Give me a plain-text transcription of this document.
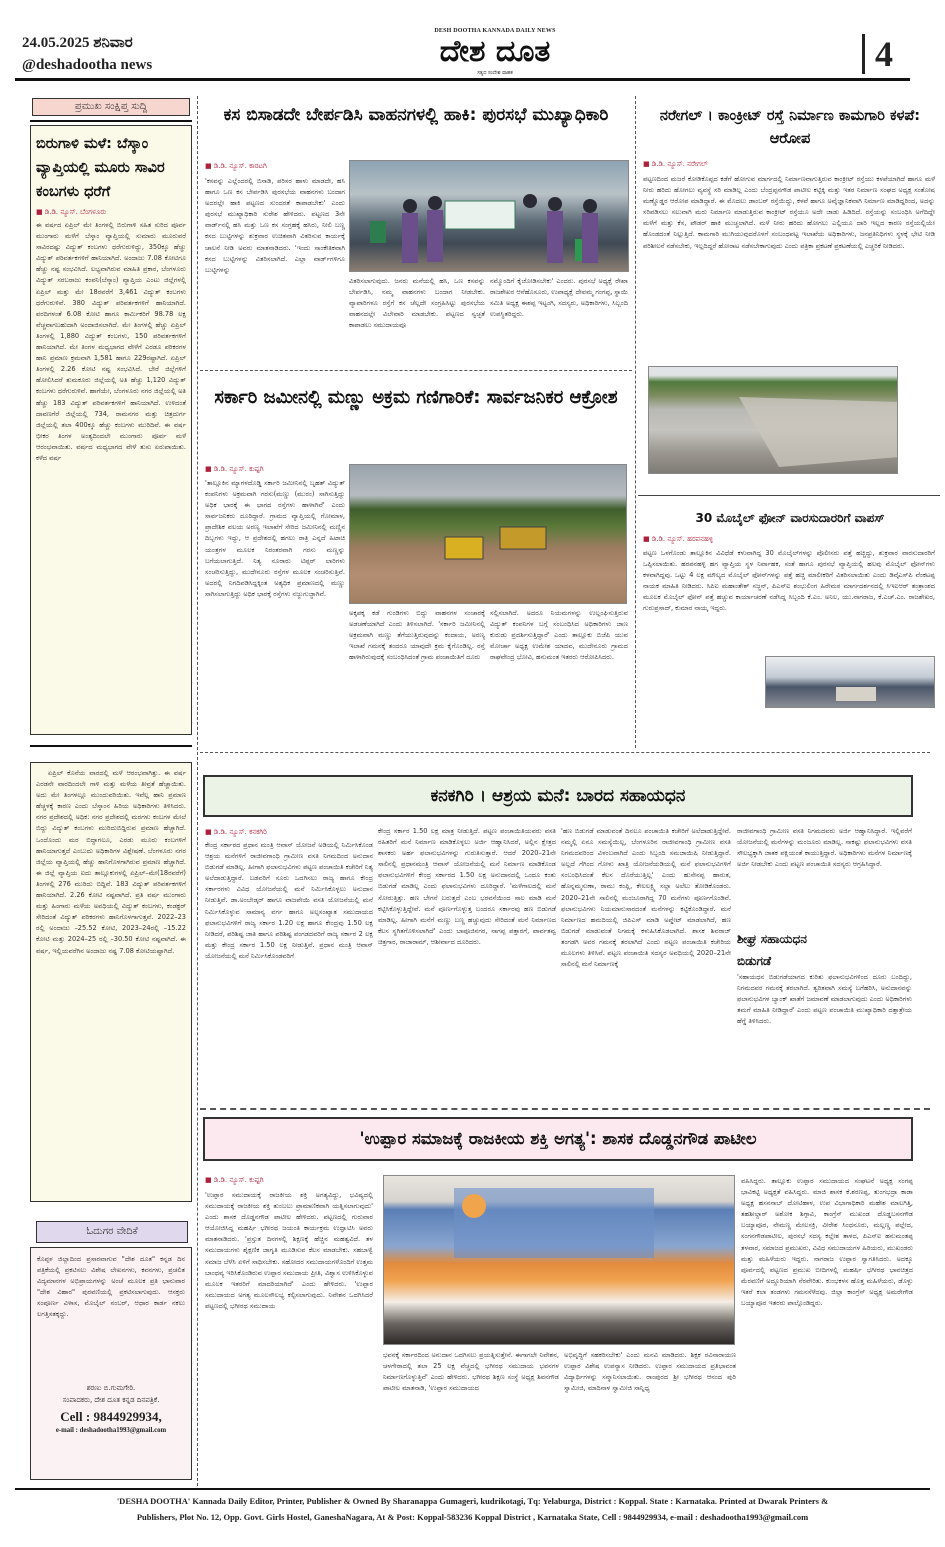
24.05.2025 ಶನಿವಾರ
@deshadootha news
DESH DOOTHA KANNADA DAILY NEWS
ದೇಶ ದೂತ
ಸತ್ಯದ ಸಂದೇಶ ವಾಹಕ	4
ಪ್ರಮುಖ ಸಂಕ್ಷಿಪ್ತ ಸುದ್ದಿ
ಬಿರುಗಾಳಿ ಮಳೆ: ಬೆಸ್ಕಾಂ ವ್ಯಾಪ್ತಿಯಲ್ಲಿ ಮೂರು ಸಾವಿರ ಕಂಬಗಳು ಧರೆಗೆ
■ ಡಿ.ಡಿ. ನ್ಯೂಸ್. ಬೆಂಗಳೂರು
ಈ ವರ್ಷದ ಏಪ್ರಿಲ್ ಮೇ ತಿಂಗಳಲ್ಲಿ ಬಿರುಗಾಳಿ ಸಹಿತ ಸುರಿದ ಪೂರ್ವ ಮುಂಗಾರು ಮಳೆಗೆ ಬೆಸ್ಕಾಂ ವ್ಯಾಪ್ತಿಯಲ್ಲಿ ಸುಮಾರು ಮೂರುವರೆ ಸಾವಿರದಷ್ಟು ವಿದ್ಯುತ್ ಕಂಬಗಳು ಧರೆಗುರುಳಿದ್ದು, 350ಕ್ಕೂ ಹೆಚ್ಚು ವಿದ್ಯುತ್ ಪರಿವರ್ತಕಗಳಿಗೆ ಹಾನಿಯಾಗಿದೆ. ಅಂದಾಜು 7.08 ಕೋಟಿಗೂ ಹೆಚ್ಚು ನಷ್ಟ ಸಂಭವಿಸಿದೆ. ಲಭ್ಯವಾಗಿರುವ ಮಾಹಿತಿ ಪ್ರಕಾರ, ಬೆಂಗಳೂರು ವಿದ್ಯುತ್ ಸರಬರಾಜು ಕಂಪನಿ(ಬೆಸ್ಕಾಂ) ವ್ಯಾಪ್ತಿಯ ಎಂಟು ಜಿಲ್ಲೆಗಳಲ್ಲಿ ಏಪ್ರಿಲ್ ಮತ್ತು ಮೇ 18ರವರೆಗೆ 3,461 ವಿದ್ಯುತ್ ಕಂಬಗಳು ಧರೆಗುರುಳಿವೆ. 380 ವಿದ್ಯುತ್ ಪರಿವರ್ತಕಗಳಿಗೆ ಹಾನಿಯಾಗಿದೆ. ವರದಿಗಳಂತೆ 6.08 ಕೋಟಿ ಹಾಗೂ ಕಾರ್ಮಿಕರಿಗೆ 98.78 ಲಕ್ಷ ವೆಚ್ಚವಾಗಬಹುದಾಗಿ ಅಂದಾಜಿಸಲಾಗಿದೆ. ಮೇ ತಿಂಗಳಲ್ಲಿ ಹೆಚ್ಚು ಏಪ್ರಿಲ್ ತಿಂಗಳಲ್ಲಿ 1,880 ವಿದ್ಯುತ್ ಕಂಬಗಳು, 150 ಪರಿವರ್ತಕಗಳಿಗೆ ಹಾನಿಯಾಗಿದೆ. ಮೇ ತಿಂಗಳ ಮಧ್ಯಭಾಗದ ವೇಳೆಗೆ ಎರಡೂ ಪರಿಕರಗಳ ಹಾನಿ ಪ್ರಮಾಣ ಕ್ರಮವಾಗಿ 1,581 ಹಾಗೂ 229ರಷ್ಟಾಗಿದೆ. ಏಪ್ರಿಲ್ ತಿಂಗಳಲ್ಲಿ 2.26 ಕೋಟಿ ನಷ್ಟ ಸಂಭವಿಸಿದೆ. ಬೇರೆ ಜಿಲ್ಲೆಗಳಿಗೆ ಹೋಲಿಸಿದರೆ ತುಮಕೂರು ಜಿಲ್ಲೆಯಲ್ಲಿ ಅತಿ ಹೆಚ್ಚು 1,120 ವಿದ್ಯುತ್ ಕಂಬಗಳು ಧರೆಗುರುಳಿವೆ. ಹಾಗೆಯೇ, ಬೆಂಗಳೂರು ನಗರ ಜಿಲ್ಲೆಯಲ್ಲಿ ಅತಿ ಹೆಚ್ಚು 183 ವಿದ್ಯುತ್ ಪರಿವರ್ತಕಗಳಿಗೆ ಹಾನಿಯಾಗಿದೆ. ಉಳಿದಂತೆ ದಾವಣಗೆರೆ ಜಿಲ್ಲೆಯಲ್ಲಿ 734, ರಾಮನಗರ ಮತ್ತು ಚಿತ್ರದುರ್ಗ ಜಿಲ್ಲೆಯಲ್ಲಿ ತಲಾ 400ಕ್ಕೂ ಹೆಚ್ಚು ಕಂಬಗಳು ಮುರಿದಿವೆ. ಈ ವರ್ಷ ಭೀಕರ ತಿಂಗಳ ಅಂತ್ಯದಿಂದಲೇ ಮುಂಗಾರು ಪೂರ್ವ ಮಳೆ ಆರಂಭವಾಯಿತು. ವರ್ಷದ ಮಧ್ಯಭಾಗದ ವೇಳೆ ತುಸು ಏರುಪಾಯಿತು. ಕಳೆದ ವರ್ಷ
ಏಪ್ರಿಲ್ ಕೊನೆಯ ವಾರದಲ್ಲಿ ಮಳೆ ಆರಂಭವಾಗಿತ್ತು. ಈ ವರ್ಷ ಎರಡನೇ ವಾರದಿಂದಲೇ ಗಾಳಿ ಮತ್ತು ಮಳೆಯ ತೀವ್ರತೆ ಹೆಚ್ಚಾಯಿತು. ಅದು ಮೇ ತಿಂಗಳಲ್ಲೂ ಮುಂದುವರಿಯಿತು. ಇವೆಲ್ಲ ಹಾನಿ ಪ್ರಮಾಣ ಹೆಚ್ಚಳಕ್ಕೆ ಕಾರಣ ಎಂದು ಬೆಸ್ಕಾಂನ ಹಿರಿಯ ಅಧಿಕಾರಿಗಳು ತಿಳಿಸಿದರು. ನಗರ ಪ್ರದೇಶದಲ್ಲಿ ಅಧಿಕ: ನಗರ ಪ್ರದೇಶದಲ್ಲಿ ಮರಗಳು ಕಂಬಗಳ ಮೇಲೆ ಬಿದ್ದು ವಿದ್ಯುತ್ ಕಂಬಗಳು ಮುರಿದುಬಿದ್ದಿರುವ ಪ್ರಮಾಣ ಹೆಚ್ಚಾಗಿದೆ. ಒಂದೊಂದು ಮರ ಬಿದ್ದಾಗಲೂ, ಎರಡು ಮೂರು ಕಂಬಗಳಿಗೆ ಹಾನಿಯಾಗುತ್ತದೆ ಎಂಬುದು ಅಧಿಕಾರಿಗಳ ವಿಶ್ಲೇಷಣೆ. ಬೆಂಗಳೂರು ನಗರ ಜಿಲ್ಲೆಯ ವ್ಯಾಪ್ತಿಯಲ್ಲಿ ಹೆಚ್ಚು ಹಾನಿಗೊಳಗಾಗಿರುವ ಪ್ರಮಾಣ ಹೆಚ್ಚಾಗಿದೆ. ಈ ಜಿಲ್ಲೆ ವ್ಯಾಪ್ತಿಯ ಐದು ತಾಲ್ಲೂಕುಗಳಲ್ಲಿ ಏಪ್ರಿಲ್–ಮೇ(18ರವರೆಗೆ) ತಿಂಗಳಲ್ಲಿ 276 ಮುರಿದು ಬಿದ್ದಿವೆ. 183 ವಿದ್ಯುತ್ ಪರಿವರ್ತಕಗಳಿಗೆ ಹಾನಿಯಾಗಿದೆ. 2.26 ಕೋಟಿ ನಷ್ಟವಾಗಿದೆ. ಪ್ರತಿ ವರ್ಷ ಮುಂಗಾರು ಮತ್ತು ಹಿಂಗಾರು ಮಳೆಯ ಅವಧಿಯಲ್ಲಿ ವಿದ್ಯುತ್ ಕಂಬಗಳು, ಕಂಡಕ್ಟರ್ ಸೇರಿದಂತೆ ವಿದ್ಯುತ್ ಪರಿಕರಗಳು ಹಾನಿಗೊಳಗಾಗುತ್ತವೆ. 2022–23 ರಲ್ಲಿ ಅಂದಾಜು –25.52 ಕೋಟಿ, 2023–24ರಲ್ಲಿ –15.22 ಕೋಟಿ ಮತ್ತು 2024–25 ರಲ್ಲಿ –30.50 ಕೋಟಿ ನಷ್ಟವಾಗಿದೆ. ಈ ವರ್ಷ, ಇಲ್ಲಿಯವರೆಗಿನ ಅಂದಾಜು ನಷ್ಟ 7.08 ಕೋಟಿಯಷ್ಟಾಗಿದೆ.
ಓದುಗರ ವೇದಿಕೆ
ಕೊಪ್ಪಳ ಜಿಲ್ಲಾದಿಂದ ಪ್ರಸಾರವಾಗುವ "ದೇಶ ದೂತ" ಕನ್ನಡ ದಿನ ಪತ್ರಿಕೆಯಲ್ಲಿ ಪ್ರಕಟಿಸಲು ವಿಶೇಷ ಲೇಖನಗಳು, ಕವನಗಳು, ಪ್ರಚಲಿತ ವಿದ್ಯಮಾನಗಳ ಅಭಿಪ್ರಾಯಗಳನ್ನು ಅಂಚೆ ಮೂಲಕ ಪ್ರತಿ ಭಾನುವಾರ "ದೇಶ ವಿಹಾರ" ಪುರವಣಿಯಲ್ಲಿ ಪ್ರಕಟಿಸಲಾಗುವುದು. ಆಸಕ್ತರು ಸಂಪೂರ್ಣ ವಿಳಾಸ, ಮೊಬೈಲ್ ನಂಬರ್, ಆಧಾರ ಕಾರ್ಡ ನಕಲು ಲಗತ್ತಿಸತಕ್ಕದ್ದು.
ಶರಣು ಬಿ.ಗುಮಗೇರಿ.
ಸಂಪಾದಕರು, ದೇಶ ದೂತ ಕನ್ನಡ ದಿನಪತ್ರಿಕೆ.
Cell : 9844929934,
e-mail : deshadootha1993@gmail.com
ಕಸ ಬಿಸಾಡದೇ ಬೇರ್ಪಡಿಸಿ ವಾಹನಗಳಲ್ಲಿ ಹಾಕಿ: ಪುರಸಭೆ ಮುಖ್ಯಾಧಿಕಾರಿ
■ ಡಿ.ಡಿ. ನ್ಯೂಸ್. ಕಾರಟಗಿ
'ಕಸವನ್ನು ಎಲ್ಲೆಂದರಲ್ಲಿ ಬಿಸಾಡಿ, ಪರಿಸರ ಹಾಳು ಮಾಡದೇ, ಹಸಿ ಹಾಗೂ ಒಣ ಕಸ ಬೇರ್ಪಡಿಸಿ ಪುರಸಭೆಯ ವಾಹನಗಳು ಬಂದಾಗ ಅದರಲ್ಲೇ ಹಾಕಿ ಪಟ್ಟಣದ ಸುಂದರತೆ ಕಾಪಾಡಬೇಕು' ಎಂದು ಪುರಸಭೆ ಮುಖ್ಯಾಧಿಕಾರಿ ಸುರೇಶ ಹೇಳಿದರು. ಪಟ್ಟಣದ 3ನೇ ವಾರ್ಡ್‌ನಲ್ಲಿ ಹಸಿ ಮತ್ತು ಒಣ ಕಸ ಸಂಗ್ರಹಕ್ಕೆ ಹಸಿರು, ನೀಲಿ ಬಣ್ಣ ಕಸದ ಬುಟ್ಟಿಗಳನ್ನು ಶುಕ್ರವಾರ ಉಚಿತವಾಗಿ ವಿತರಿಸುವ ಕಾರ್ಯಕ್ಕೆ ಚಾಲನೆ ನೀಡಿ ಅವರು ಮಾತನಾಡಿದರು. 'ಇಂದು ಸಾಂಕೇತಿಕವಾಗಿ ಕಸದ ಬುಟ್ಟಿಗಳನ್ನು ವಿತರಿಸಲಾಗಿದೆ. ಎಲ್ಲಾ ವಾರ್ಡ್‌ಗಳಿಗೂ ಬುಟ್ಟಿಗಳನ್ನು
ವಿತರಿಸಲಾಗುವುದು. ಜನರು ಮನೆಯಲ್ಲಿ ಹಸಿ, ಒಣ ಕಸವನ್ನು ಬೇರ್ಪಡಿಸಿ, ನಮ್ಮ ವಾಹನಗಳು ಬಂದಾಗ ನೀಡಬೇಕು. ವ್ಯಾಪಾರಿಗಳೂ ರಸ್ತೆಗೆ ಕಸ ಚೆಲ್ಲದೇ ಸಂಗ್ರಹಿಸಿಟ್ಟು ಪುರಸಭೆಯ ವಾಹನದಲ್ಲೇ ವಿಲೇವಾರಿ ಮಾಡಬೇಕು. ಪಟ್ಟಣದ ಸ್ವಚ್ಛತೆ ಕಾಪಾಡಲು ಸಮುದಾಯವೂ
ನಮ್ಮೊಂದಿಗೆ ಕೈಜೋಡಿಸಬೇಕು' ಎಂದರು. ಪುರಸಭೆ ಅಧ್ಯಕ್ಷೆ ರೇಖಾ ರಾಜಶೇಖರ ಆನೆಹೊಸೂರು, ಉಪಾಧ್ಯಕ್ಷೆ ದೇವಮ್ಮ ಗಂಗಪ್ಪ, ಸ್ಥಾಯಿ ಸಮಿತಿ ಅಧ್ಯಕ್ಷ ಈಶಪ್ಪ ಇಟ್ಟಂಗಿ, ಸದಸ್ಯರು, ಅಧಿಕಾರಿಗಳು, ಸಿಬ್ಬಂದಿ ಉಪಸ್ಥಿತರಿದ್ದರು.
ಸರ್ಕಾರಿ ಜಮೀನಲ್ಲಿ ಮಣ್ಣು ಅಕ್ರಮ ಗಣಿಗಾರಿಕೆ: ಸಾರ್ವಜನಿಕರ ಆಕ್ರೋಶ
■ ಡಿ.ಡಿ. ನ್ಯೂಸ್. ಕುಷ್ಟಗಿ
'ತಾಲ್ಲೂಕಿನ ಮ್ಯಾಗಳದೊಡ್ಡಿ ಸರ್ಕಾರಿ ಜಮೀನಿನಲ್ಲಿ ಬೃಹತ್ ವಿದ್ಯುತ್ ಕಂಪನಿಗಳು ಅಕ್ರಮವಾಗಿ ಗರಸು(ಮಣ್ಣು (ಮುರಂ) ಸಾಗಿಸುತ್ತಿದ್ದು ಅಧಿಕ ಭಾರಕ್ಕೆ ಈ ಭಾಗದ ರಸ್ತೆಗಳು ಹಾಳಾಗಿವೆ' ಎಂದು ಸಾರ್ವಜನಿಕರು ದೂರಿದ್ದಾರೆ. ಗ್ರಾಮದ ವ್ಯಾಪ್ತಿಯಲ್ಲಿ ಗೋಮಾಳ, ಪ್ರಾದೇಶಿಕ ವಲಯ ಅರಣ್ಯ ಇಲಾಖೆಗೆ ಸೇರಿದ ಜಮೀನಿನಲ್ಲಿ ಮಣ್ಣಿನ ದಿಬ್ಬಗಳು ಇದ್ದು, ಆ ಪ್ರದೇಶದಲ್ಲಿ ಹಗಲು ರಾತ್ರಿ ಎನ್ನದೆ ಹಿಟಾಚಿ ಯಂತ್ರಗಳ ಮೂಲಕ ನಿರಂತರವಾಗಿ ಗರಸು ಮಣ್ಣನ್ನು ಬಗೆಯಲಾಗುತ್ತಿದೆ. ನಿತ್ಯ ನೂರಾರು ಟಿಪ್ಪರ್ ಲಾರಿಗಳು ಸಂಚರಿಸುತ್ತಿದ್ದು, ಮುದೇನೂರು ರಸ್ತೆಗಳ ಮೂಲಕ ಸಂಚರಿಸುತ್ತಿವೆ. ಅದರಲ್ಲಿ ನಿಗದಿಪಡಿಸಿದ್ದಕ್ಕಿಂತ ಅತ್ಯಧಿಕ ಪ್ರಮಾಣದಲ್ಲಿ ಮಣ್ಣು ಸಾಗಿಸಲಾಗುತ್ತಿದ್ದು ಅಧಿಕ ಭಾರಕ್ಕೆ ರಸ್ತೆಗಳು ನಜ್ಜುಗುಜ್ಜಾಗಿವೆ.
ಅಕ್ಕಪಕ್ಕ ಕಡೆ ಗುಂಡಿಗಳು ಬಿದ್ದು ವಾಹನಗಳ ಸಂಚಾರಕ್ಕೆ ಅಡಚಣೆಯಾಗಿದೆ ಎಂದು ತಿಳಿಸಲಾಗಿದೆ. 'ಸರ್ಕಾರಿ ಜಮೀನಿನಲ್ಲಿ ಅಕ್ರಮವಾಗಿ ಮಣ್ಣು ತೆಗೆಯುತ್ತಿರುವುದನ್ನು ಕಂದಾಯ, ಅರಣ್ಯ ಇಲಾಖೆ ಗಮನಕ್ಕೆ ತಂದರೂ ಯಾವುದೇ ಕ್ರಮ ಕೈಗೊಂಡಿಲ್ಲ. ರಸ್ತೆ ಹಾಳಾಗಿರುವುದಕ್ಕೆ ಸಂಬಂಧಿಸಿದಂತೆ ಗ್ರಾಮ ಪಂಚಾಯಿತಿಗೆ ದೂರು
ಸಲ್ಲಿಸಲಾಗಿದೆ. ಅದರೂ ನಿಯಮಗಳನ್ನು ಉಲ್ಲಂಘಿಸುತ್ತಿರುವ ವಿದ್ಯುತ್ ಕಂಪನಿಗಳ ಬಗ್ಗೆ ಸಂಬಂಧಿಸಿದ ಅಧಿಕಾರಿಗಳು ಜಾಣ ಕುರುಡು ಪ್ರದರ್ಶಿಸುತ್ತಿದ್ದಾರೆ' ಎಂದು ತಾಲ್ಲೂಕು ಬಿಜೆಪಿ ಯುವ ಮೋರ್ಚಾ ಅಧ್ಯಕ್ಷ ಉಮೇಶ ಯಾದವ, ಮುದೇನೂರು ಗ್ರಾಮದ ರಾಘವೇಂದ್ರ ಭೋವಿ, ಹನುಮಂತ ಇತರರು ಆರೋಪಿಸಿದರು.
ನರೇಗಲ್ । ಕಾಂಕ್ರೀಟ್ ರಸ್ತೆ ನಿರ್ಮಾಣ ಕಾಮಗಾರಿ ಕಳಪೆ: ಆರೋಪ
■ ಡಿ.ಡಿ. ನ್ಯೂಸ್. ನರೇಗಲ್
ಪಟ್ಟಣದಿಂದ ಮಜರೆ ಕೋಡಿಕೊಪ್ಪದ ಕಡೆಗೆ ಹೋಗುವ ಮಾರ್ಗದಲ್ಲಿ ನಿರ್ಮಾಣವಾಗುತ್ತಿರುವ ಕಾಂಕ್ರೀಟ್ ರಸ್ತೆಯು ಕಳಪೆಯಾಗಿದೆ ಹಾಗೂ ಮಳೆ ನೀರು ಹರಿದು ಹೋಗಲು ವ್ಯವಸ್ಥೆ ಸರಿ ಮಾಡಿಲ್ಲ ಎಂದು ಬೆಂದ್ರಪ್ಪನಗೌಡ ಪಾಟೀಲ ಕಟ್ಟಿಕ್ಕಿ ಮತ್ತು ಇತರ ನಿರ್ಮಾಣ ಸಂಘದ ಅಧ್ಯಕ್ಷ ಸಂತೋಷ ಮಣ್ಣೊಡ್ಡರ ಆರೋಪ ಮಾಡಿದ್ದಾರೆ. ಈ ಮೊದಲು ಡಾಂಬರ್ ರಸ್ತೆಯಿದ್ದು, ಕಳಪೆ ಹಾಗೂ ಅವೈಜ್ಞಾನಿಕವಾಗಿ ನಿರ್ಮಾಣ ಮಾಡಿದ್ದರಿಂದ, ಅದನ್ನು ಸರಿಪಡಿಸಲು ಸಲುವಾಗಿ ಮರು ನಿರ್ಮಾಣ ಮಾಡುತ್ತಿರುವ ಕಾಂಕ್ರೀಟ್ ರಸ್ತೆಯೂ ಅದೇ ಜಾಡು ಹಿಡಿದಿದೆ. ರಸ್ತೆಯನ್ನು ಸಂಬಂಧಿಸಿ ಅಗೆದಿದ್ದೇ ಮಳೆಗೆ ಮತ್ತು ಕೆಸ, ಪೌಡರ್ ಹಾಕಿ ಮುಚ್ಚಲಾಗಿದೆ. ಮಳೆ ನೀರು ಹರಿದು ಹೋಗಲು ಎಲ್ಲಿಯೂ ದಾರಿ ಇಲ್ಲದ ಕಾರಣ ರಸ್ತೆಯಲ್ಲಿಯೇ ಹೊಂಡದಂತೆ ನಿಲ್ಲುತ್ತಿದೆ. ಕಾಮಗಾರಿ ಮುಗಿಯುವುದರೊಳಗೆ ಸಂಬಂಧಪಟ್ಟ ಇಲಾಖೆಯ ಅಧಿಕಾರಿಗಳು, ಜನಪ್ರತಿನಿಧಿಗಳು ಸ್ಥಳಕ್ಕೆ ಭೇಟಿ ನೀಡಿ ಪರಿಶೀಲನೆ ನಡೆಸಬೇಕು, ಇಲ್ಲದಿದ್ದರೆ ಹೋರಾಟ ನಡೆಸಬೇಕಾಗುವುದು ಎಂದು ಪತ್ರಿಕಾ ಪ್ರಕಟಣೆ ಪ್ರಕಟಣೆಯಲ್ಲಿ ಎಚ್ಚರಿಕೆ ನೀಡಿದರು.
30 ಮೊಬೈಲ್ ಫೋನ್ ವಾರಸುದಾರರಿಗೆ ವಾಪಸ್
■ ಡಿ.ಡಿ. ನ್ಯೂಸ್. ಹರಪನಹಳ್ಳಿ
ಪಟ್ಟಣ ಒಳಗೊಂಡು ತಾಲ್ಲೂಕಿನ ವಿವಿಧೆಡೆ ಕಳುವಾಗಿದ್ದ 30 ಮೊಬೈಲ್‌ಗಳನ್ನು ಪೊಲೀಸರು ಪತ್ತೆ ಹಚ್ಚಿದ್ದು, ಶುಕ್ರವಾರ ವಾರಸುದಾರರಿಗೆ ಒಪ್ಪಿಸಲಾಯಿತು. ಹರಪನಹಳ್ಳಿ ಹಗ ವ್ಯಾಪ್ತಿಯ ಸ್ಥಳ ನಿರ್ವಾಹಕ, ಸಂತೆ ಹಾಗೂ ಪುರಸಭೆ ವ್ಯಾಪ್ತಿಯಲ್ಲಿ ಹಲವು ಮೊಬೈಲ್ ಫೋನ್‌ಗಳು ಕಳವಾಗಿದ್ದವು. ಒಟ್ಟು 4 ಲಕ್ಷ ಮೌಲ್ಯದ ಮೊಬೈಲ್ ಫೋನ್‌ಗಳನ್ನು ಪತ್ತೆ ಹಚ್ಚಿ ಮಾಲೀಕರಿಗೆ ವಿತರಿಸಲಾಯಿತು ಎಂದು ಡಿವೈಎಸ್‌ಪಿ ವೆಂಕಟಪ್ಪ ನಾಯಕ ಮಾಹಿತಿ ನೀಡಿದರು. ಸಿಪಿಐ ಮಹಾಂತೇಶ್ ಸಜ್ಜನ್, ಪಿಎಸ್‌ಐ ಶಂಭುಲಿಂಗ ಹಿರೇಮಠ ಮಾರ್ಗದರ್ಶನದಲ್ಲಿ ಸಿಇಐಆರ್ ತಂತ್ರಾಂಶದ ಮೂಲಕ ಮೊಬೈಲ್ ಫೋನ್ ಪತ್ತೆ ಹಚ್ಚುವ ಕಾರ್ಯಾಚರಣೆ ನಡೆಸಿದ್ದ ಸಿಬ್ಬಂದಿ ಕೆ.ಎಂ. ಅನಿಲ, ಯು.ನಾಗರಾಜ, ಕೆ.ಎಚ್.ಎಂ. ರಾಜಶೇಖರ, ಗುರುಪ್ರಸಾದ್, ಕುಮಾರ ನಾಯ್ಕ ಇದ್ದರು.
ಕನಕಗಿರಿ । ಆಶ್ರಯ ಮನೆ: ಬಾರದ ಸಹಾಯಧನ
■ ಡಿ.ಡಿ. ನ್ಯೂಸ್. ಕನಕಗಿರಿ
ಕೇಂದ್ರ ಸರ್ಕಾರದ ಪ್ರಧಾನ ಮಂತ್ರಿ ಆವಾಸ್ ಯೋಜನೆ ಅಡಿಯಲ್ಲಿ ನಿರ್ಮಿಸಿಕೊಂಡ ಆಶ್ರಯ ಮನೆಗಳಿಗೆ ರಾಜೀವಗಾಂಧಿ ಗ್ರಾಮೀಣ ವಸತಿ ನಿಗಮದಿಂದ ಅನುದಾನ ಬಿಡುಗಡೆ ಮಾಡಿಲ್ಲ. ಹೀಗಾಗಿ ಫಲಾನುಭವಿಗಳು ಪಟ್ಟಣ ಪಂಚಾಯಿತಿ ಕಚೇರಿಗೆ ನಿತ್ಯ ಅಲೆದಾಡುತ್ತಿದ್ದಾರೆ. ಬಡವರಿಗೆ ಸೂರು ಒದಗಿಸಲು ರಾಜ್ಯ ಹಾಗೂ ಕೇಂದ್ರ ಸರ್ಕಾರಗಳು ವಿವಿಧ ಯೋಜನೆಯಲ್ಲಿ ಮನೆ ನಿರ್ಮಿಸಿಕೊಳ್ಳಲು ಅನುದಾನ ನೀಡುತ್ತಿವೆ. ಡಾ.ಅಂಬೇಡ್ಕರ್ ಹಾಗೂ ವಾಜಪೇಯಿ ವಸತಿ ಯೋಜನೆಯಲ್ಲಿ ಮನೆ ನಿರ್ಮಿಸಿಕೊಳ್ಳುವ ಸಾಮಾನ್ಯ ವರ್ಗ ಹಾಗೂ ಅಲ್ಪಸಂಖ್ಯಾತ ಸಮುದಾಯದ ಫಲಾನುಭವಿಗಳಿಗೆ ರಾಜ್ಯ ಸರ್ಕಾರ 1.20 ಲಕ್ಷ ಹಾಗೂ ಕೇಂದ್ರವು 1.50 ಲಕ್ಷ ನೀಡಿದರೆ, ಪರಿಶಿಷ್ಟ ಜಾತಿ ಹಾಗೂ ಪರಿಶಿಷ್ಟ ಪಂಗಡದವರಿಗೆ ರಾಜ್ಯ ಸರ್ಕಾರ 2 ಲಕ್ಷ ಮತ್ತು ಕೇಂದ್ರ ಸರ್ಕಾರ 1.50 ಲಕ್ಷ ನೀಡುತ್ತಿವೆ. ಪ್ರಧಾನ ಮಂತ್ರಿ ಆವಾಸ್ ಯೋಜನೆಯಲ್ಲಿ ಮನೆ ನಿರ್ಮಿಸಿಕೊಂಡವರಿಗೆ
ಕೇಂದ್ರ ಸರ್ಕಾರ 1.50 ಲಕ್ಷ ಮಾತ್ರ ನೀಡುತ್ತಿದೆ. ಪಟ್ಟಣ ಪಂಚಾಯಿತಿಯವರು ವಸತಿ ರಹಿತರಿಗೆ ಮನೆ ನಿರ್ಮಾಣ ಮಾಡಿಕೊಳ್ಳಲು ಅರ್ಜಿ ಆಹ್ವಾನಿಸಿದರೆ, ಅಲ್ಲಿನ ಕ್ಷೇತ್ರದ ಶಾಸಕರು ಅರ್ಹ ಫಲಾನುಭವಿಗಳನ್ನು ಗುರುತಿಸುತ್ತಾರೆ. ಆದರೆ 2020–21ನೇ ಸಾಲಿನಲ್ಲಿ ಪ್ರಧಾನಮಂತ್ರಿ ಆವಾಸ್ ಯೋಜನೆಯಲ್ಲಿ ಮನೆ ನಿರ್ಮಾಣ ಮಾಡಿಕೊಂಡ ಫಲಾನುಭವಿಗಳಿಗೆ ಕೇಂದ್ರ ಸರ್ಕಾರದ 1.50 ಲಕ್ಷ ಅನುದಾನದಲ್ಲಿ ಒಂದೂ ಕಂತು ಬಿಡುಗಡೆ ಮಾಡಿಲ್ಲ ಎಂದು ಫಲಾನುಭವಿಗಳು ದೂರಿದ್ದಾರೆ. 'ಮಳೆಗಾಲದಲ್ಲಿ ಮನೆ ಸೋರುತ್ತಿತ್ತು. ಹಣ ಬೇಗನೆ ಬರುತ್ತದೆ ಎಂಬ ಭರವಸೆಯಿಂದ ಸಾಲ ಮಾಡಿ ಮನೆ ಕಟ್ಟಿಸಿಕೊಳ್ಳುತ್ತಿದ್ದೇವೆ. ಮನೆ ಪೂರ್ಣಗೊಳ್ಳುತ್ತ ಬಂದರೂ ಸರ್ಕಾರವು ಹಣ ಬಿಡುಗಡೆ ಮಾಡಿಲ್ಲ. ಹೀಗಾಗಿ ಮನೆಗೆ ಮಣ್ಣು ಬಣ್ಣ ಹಚ್ಚುವುದು ಸೇರಿದಂತೆ ಮನೆ ನಿರ್ಮಾಣದ ಕೆಲಸ ಸ್ಥಗಿತಗೊಳಿಸಲಾಗಿದೆ' ಎಂದು ಬಾಪೂಜಿನಗರ, ನಾಗಪ್ಪ ಪತ್ತಾರಗೆ, ಪಾರ್ವತವ್ವ ಚಿತ್ರಗಾರ, ರಾಜಾರಾಮ್, ಆಶೀರ್ವಾದ ದೂರಿದರು.
'ಹಣ ಬಿಡುಗಡೆ ಮಾಡುವಂತೆ ದಿನಲೂ ಪಂಚಾಯಿತಿ ಕಚೇರಿಗೆ ಅಲೆದಾಡುತ್ತಿದ್ದೇವೆ. ನಮ್ಮಲ್ಲಿ ಏನೂ ಸಮಸ್ಯೆಯಿಲ್ಲ, ಬೆಂಗಳೂರಿನ ರಾಜೀವಗಾಂಧಿ ಗ್ರಾಮೀಣ ವಸತಿ ನಿಗಮದವರಿಂದ ವಿಳಂಬವಾಗಿದೆ ಎಂದು ಸಿಬ್ಬಂದಿ ಸಮಜಾಯಿಷಿ ನೀಡುತ್ತಿದ್ದಾರೆ. ಅಲ್ಲದೆ ಗೆಗಿಂದ ಗೋಳು ಖಾತ್ರಿ ಯೋಜನೆಯಡಿಯಲ್ಲಿ ಮನೆ ಫಲಾನುಭವಿಗಳಿಗೆ ಸಂಬಂಧಿಸಿದಂತೆ ಕೆಲಸ ದೊರೆಯುತ್ತಿಲ್ಲ' ಎಂದು ಹುಸೇನಪ್ಪ ಹಾರುತ, ಹೊನ್ನಮ್ಮಸುಣಾ, ರಾಮು ಕಂಪ್ಲಿ, ಕೇಲಲಕ್ಷ್ಮಿ ಸಲ್ಲಾ ಅಲೆಲು ತೋಡಿಕೊಂಡರು. 2020–21ನೇ ಸಾಲಿನಲ್ಲಿ ಮಂಜೂರಾಗಿದ್ದ 70 ಮನೆಗಳು ಪೂರ್ಣಗೊಂಡಿವೆ. ಫಲಾನುಭವಿಗಳು ನಿಯಮಾನುಸಾರದಂತೆ ಮನೆಗಳನ್ನು ಕಟ್ಟಿಕೊಂಡಿದ್ದಾರೆ. ಮನೆ ನಿರ್ಮಾಣದ ಹಮದಿಯಲ್ಲಿ ಜಿಪಿಎಸ್ ಮಾಡಿ ಅಪ್ಡೇಟ್ ಮಾಡಲಾಗಿದೆ, ಹಣ ಬಿಡುಗಡೆ ಮಾಡುವಂತೆ ನಿಗಮಕ್ಕೆ ಕಳುಹಿಸಿಕೊಡಲಾಗಿದೆ. ಶಾಸಕ ಶಿವರಾಜ್ ತಂಗಡಗಿ ಅವರ ಗಮನಕ್ಕೆ ತರಲಾಗಿದೆ ಎಂದು ಪಟ್ಟಣ ಪಂಚಾಯಿತಿ ಕಚೇರಿಯ ಮೂಲಗಳು ತಿಳಿಸಿವೆ. ಪಟ್ಟಣ ಪಂಚಾಯಿತಿ ಸದಸ್ಯರ ಅವಧಿಯಲ್ಲಿ 2020–21ನೇ ಸಾಲಿನಲ್ಲಿ ಮನೆ ನಿರ್ಮಾಣಕ್ಕೆ
ರಾಜೀವಗಾಂಧಿ ಗ್ರಾಮೀಣ ವಸತಿ ನಿಗಮದವರು ಅರ್ಜಿ ಆಹ್ವಾನಿಸಿದ್ದಾರೆ. ಇಲ್ಲಿವರೆಗೆ ಯೋಜನೆಯಲ್ಲಿ ಮನೆಗಳನ್ನು ಮಂಜೂರು ಮಾಡಿಲ್ಲ. ಸಾಕಷ್ಟು ಫಲಾನುಭವಿಗಳು ವಸತಿ ಸೌಲಭ್ಯಕ್ಕಾಗಿ ಜಾತಕ ಪಕ್ಷಿಯಂತೆ ಕಾಯುತ್ತಿದ್ದಾರೆ. ಅಧಿಕಾರಿಗಳು ಮನೆಗಳ ನಿರ್ಮಾಣಕ್ಕೆ ಅರ್ಜಿ ನೀಡಬೇಕು ಎಂದು ಪಟ್ಟಣ ಪಂಚಾಯಿತಿ ಸದಸ್ಯರು ಆಗ್ರಹಿಸಿದ್ದಾರೆ.
ಶೀಘ್ರ ಸಹಾಯಧನ ಬಿಡುಗಡೆ
'ಸಹಾಯಧನ ಬಿಡುಗಡೆಯಾಗದ ಕುರಿತು ಫಲಾನುಭವಿಗಳಿಂದ ದೂರು ಬಂದಿದ್ದು, ನಿಗಮದವರ ಗಮನಕ್ಕೆ ತರಲಾಗಿದೆ. ತ್ವರಿತವಾಗಿ ಸಮಸ್ಯೆ ಬಗೆಹರಿಸಿ, ಅನುದಾನವನ್ನು ಫಲಾನುಭವಿಗಳ ಬ್ಯಾಂಕ್ ಖಾತೆಗೆ ಜಮಾವಣೆ ಮಾಡಲಾಗುವುದು ಎಂದು ಅಧಿಕಾರಿಗಳು ತಮಗೆ ಮಾಹಿತಿ ನೀಡಿದ್ದಾರೆ' ಎಂದು ಪಟ್ಟಣ ಪಂಚಾಯಿತಿ ಮುಖ್ಯಾಧಿಕಾರಿ ದತ್ತಾತ್ರೇಯ ಹೆಗ್ಡೆ ತಿಳಿಸಿದರು.
'ಉಪ್ಪಾರ ಸಮಾಜಕ್ಕೆ ರಾಜಕೀಯ ಶಕ್ತಿ ಅಗತ್ಯ': ಶಾಸಕ ದೊಡ್ಡನಗೌಡ ಪಾಟೀಲ
■ ಡಿ.ಡಿ. ನ್ಯೂಸ್. ಕುಷ್ಟಗಿ
'ಉಪ್ಪಾರ ಸಮುದಾಯಕ್ಕೆ ರಾಜಕೀಯ ಶಕ್ತಿ ಅಗತ್ಯವಿದ್ದು, ಭವಿಷ್ಯದಲ್ಲಿ ಸಮುದಾಯಕ್ಕೆ ರಾಜಕೀಯ ಶಕ್ತಿ ತುಂಬಲು ಪ್ರಾಮಾಣಿಕವಾಗಿ ಯತ್ನಿಸಲಾಗುವುದು' ಎಂದು ಶಾಸಕ ದೊಡ್ಡನಗೌಡ ಪಾಟೀಲ ಹೇಳಿದರು. ಪಟ್ಟಣದಲ್ಲಿ ಗುರುವಾರ ಆಯೋಜಿಸಿದ್ದ ಮಹರ್ಷಿ ಭಗೀರಥ ಜಯಂತಿ ಕಾರ್ಯಕ್ರಮ ಉದ್ಘಾಟಿಸಿ ಅವರು ಮಾತನಾಡಿದರು. 'ಪ್ರಸ್ತುತ ದಿನಗಳಲ್ಲಿ ಶಿಕ್ಷಣಕ್ಕೆ ಹೆಚ್ಚಿನ ಮಹತ್ವವಿದೆ. ತಳ ಸಮುದಾಯಗಳು ಶೈಕ್ಷಣಿಕ ಜಾಗೃತಿ ಮೂಡಿಸುವ ಕೆಲಸ ಮಾಡಬೇಕು. ಸಹಬಾಳ್ವೆ ಸಮಾಜ ಬೆಳೆಸಿ ಏಳಿಗೆ ಸಾಧಿಸಬೇಕು. ಸಹೋದರ ಸಮುದಾಯಗಳೊಂದಿಗೆ ಉತ್ತಮ ಬಾಂಧವ್ಯ ಇರಿಸಿಕೊಂಡಿರುವ ಉಪ್ಪಾರ ಸಮುದಾಯ ಪ್ರೀತಿ, ವಿಶ್ವಾಸ ಉಳಿಸಿಕೊಳ್ಳುವ ಮೂಲಕ ಇತರರಿಗೆ ಮಾದರಿಯಾಗಿದೆ' ಎಂದು ಹೇಳಿದರು. 'ಉಪ್ಪಾರ ಸಮುದಾಯದ ಅಗತ್ಯ ಮೂಲಸೌಲಭ್ಯ ಕಲ್ಪಿಸಲಾಗುವುದು. ನಿವೇಶನ ಒದಗಿಸಿದರೆ ಪಟ್ಟಣದಲ್ಲಿ ಭಗೀರಥ ಸಮುದಾಯ
ಭವನಕ್ಕೆ ಸರ್ಕಾರದಿಂದ ಅನುದಾನ ಒದಗಿಸಲು ಪ್ರಯತ್ನಿಸುತ್ತೇನೆ. ಈಗಾಗಲೇ ನಿವೇಶನ, ಚಳಗೇರಾದಲ್ಲಿ ತಲಾ 25 ಲಕ್ಷ ವೆಚ್ಚದಲ್ಲಿ ಭಗೀರಥ ಸಮುದಾಯ ಭವನಗಳ ನಿರ್ಮಾಣಗೊಳ್ಳುತ್ತಿವೆ' ಎಂದು ಹೇಳಿದರು. ಭಗೀರಥ ಶಿಕ್ಷಣ ಸಂಸ್ಥೆ ಅಧ್ಯಕ್ಷ ಶಿವನಗೌಡ ಪಾಟೀಲ ಮಾತನಾಡಿ, 'ಉಪ್ಪಾರ ಸಮುದಾಯದ
ಅಭಿವೃದ್ಧಿಗೆ ಸಹಕರಿಸಬೇಕು' ಎಂದು ಮನವಿ ಮಾಡಿದರು. ಶಿಕ್ಷಕ ರವಿನಾರಾಯಣ ಉಪ್ಪಾರ ವಿಶೇಷ ಉಪನ್ಯಾಸ ನೀಡಿದರು. ಉಪ್ಪಾರ ಸಮುದಾಯದ ಪ್ರತಿಭಾವಂತ ವಿದ್ಯಾರ್ಥಿಗಳನ್ನು ಸನ್ಮಾನಿಸಲಾಯಿತು. ರಾಂಪುರದ ಶ್ರೀ ಭಗೀರಥ ಆನಂದ ಪುರಿ ಸ್ವಾಮೀಜಿ, ಮಾದಿನಾಳ ಸ್ವಾಮೀಜಿ ಸಾನ್ನಿಧ್ಯ
ವಹಿಸಿದ್ದರು. ತಾಲ್ಲೂಕು ಉಪ್ಪಾರ ಸಮುದಾಯದ ಸಂಘಟನೆ ಅಧ್ಯಕ್ಷ ಸಂಗಪ್ಪ ಭಾವಿಕಟ್ಟಿ ಅಧ್ಯಕ್ಷತೆ ವಹಿಸಿದ್ದರು. ಮಾಜಿ ಶಾಸಕ ಕೆ.ಶರಣಪ್ಪ, ತುಂಗಭದ್ರಾ ಕಾಡಾ ಅಧ್ಯಕ್ಷ ಹಸನಸಾಬ್ ದೋಟಿಹಾಳ, ಉಪ ವಿಭಾಗಾಧಿಕಾರಿ ಮಹೇಶ ಮಾಲಗಿತ್ತಿ, ತಹಶೀಲ್ದಾರ್ ಅಶೋಕ ಶಿಗ್ಗಾವಿ, ಕಾಂಗ್ರೆಸ್ ಮುಖಂಡ ದೊಡ್ಡಬಸನಗೌಡ ಬಯ್ಯಾಪೂರ, ನೇಮಣ್ಣ ಮೇಲಸಕ್ರಿ, ವೀರೇಶ ಸಿಂಧನೂರು, ಮಲ್ಲಣ್ಣ ಪಲ್ಲೇದ, ಸಂಗನಗೌಡಪಾಟೀಲ, ಪುರಸಭೆ ಸದಸ್ಯ ಕಲ್ಲೇಶ ತಾಳದ, ಪಿಎಸ್ಐ ಹನುಮಂತಪ್ಪ ತಳವಾರ, ಸಮಾಜದ ಪ್ರಮುಖರು, ವಿವಿಧ ಸಮುದಾಯಗಳ ಹಿರಿಯರು, ಮುಖಂಡರು ಮತ್ತು ಮಹಿಳೆಯರು ಇದ್ದರು. ನಾಗರಾಜ ಉಪ್ಪಾರ ಸ್ವಾಗತಿಸಿದರು. ಅದಕ್ಕೂ ಪೂರ್ವದಲ್ಲಿ ಪಟ್ಟಣದ ಪ್ರಮುಖ ಬೀದಿಗಳಲ್ಲಿ ಮಹರ್ಷಿ ಭಗೀರಥ ಭಾವಚಿತ್ರದ ಮೆರವಣಿಗೆ ಅದ್ದೂರಿಯಾಗಿ ನೆರವೇರಿತು. ಕುಂಭಕಳಸ ಹೊತ್ತ ಮಹಿಳೆಯರು, ಡೊಳ್ಳು ಇತರೆ ಕಲಾ ತಂಡಗಳು ಗಮನಸೆಳೆದವು. ಜಿಲ್ಲಾ ಕಾಂಗ್ರೆಸ್ ಅಧ್ಯಕ್ಷ ಅಮರೇಗೌಡ ಬಯ್ಯಾಪೂರ ಇತರರು ಪಾಲ್ಗೊಂಡಿದ್ದರು.
'DESHA DOOTHA' Kannada Daily Editor, Printer, Publisher & Owned By Sharanappa Gumageri, kudrikotagi, Tq: Yelaburga, District : Koppal. State : Karnataka. Printed at Dwarak Printers &
Publishers, Plot No. 12, Opp. Govt. Girls Hostel, GaneshaNagara, At & Post: Koppal-583236 Koppal District , Karnataka State, Cell : 9844929934, e-mail : deshadootha1993@gmail.com
